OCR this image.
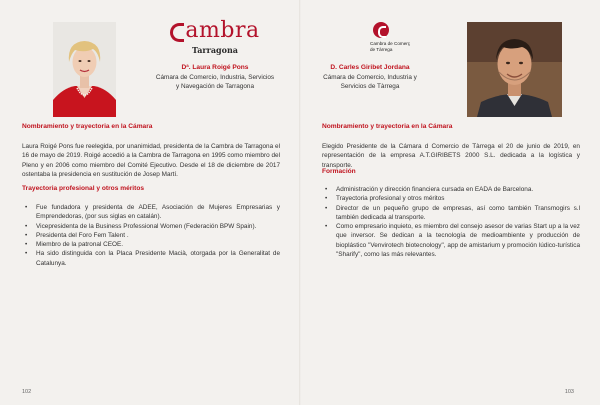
ambra
Tarragona
Dª. Laura Roigé Pons
Cámara de Comercio, Industria, Servicios
y Navegación de Tarragona
Nombramiento y trayectoria en la Cámara

Laura Roigé Pons fue reelegida, por unanimidad, presidenta de la Cambra de Tarragona el 16 de mayo de 2019. Roigé accedió a la Cambra de Tarragona en 1995 como miembro del Pleno y en 2006 como miembro del Comité Ejecutivo. Desde el 18 de diciembre de 2017 ostentaba la presidencia en sustitución de Josep Martí.

Trayectoria profesional y otros méritos
• Fue fundadora y presidenta de ADEE, Asociación de Mujeres Empresarias y Emprendedoras, (por sus siglas en catalán).
• Vicepresidenta de la Business Professional Women (Federación BPW Spain).
• Presidenta del Foro Fem Talent .
• Miembro de la patronal CEOE.
• Ha sido distinguida con la Placa Presidente Macià, otorgada por la Generalitat de Catalunya.
102
Cambra de Comerç
de Tàrrega
D. Carles Giribet Jordana
Cámara de Comercio, Industria y
Servicios de Tàrrega
Nombramiento y trayectoria en la Cámara

Elegido Presidente de la Cámara d Comercio de Tàrrega el 20 de junio de 2019, en representación de la empresa A.T.GIRIBETS 2000 S.L. dedicada a la logística y transporte.

Formación
• Administración y dirección financiera cursada en EADA de Barcelona.
• Trayectoria profesional y otros méritos
• Director de un pequeño grupo de empresas, así como también Transmogirs s.l también dedicada al transporte.
• Como empresario inquieto, es miembro del consejo asesor de varias Start up a la vez que inversor. Se dedican a la tecnología de medioambiente y producción de bioplástico "Venvirotech biotecnology", app de amistarium y promoción lúdico-turística "Sharify", como las más relevantes.
103
